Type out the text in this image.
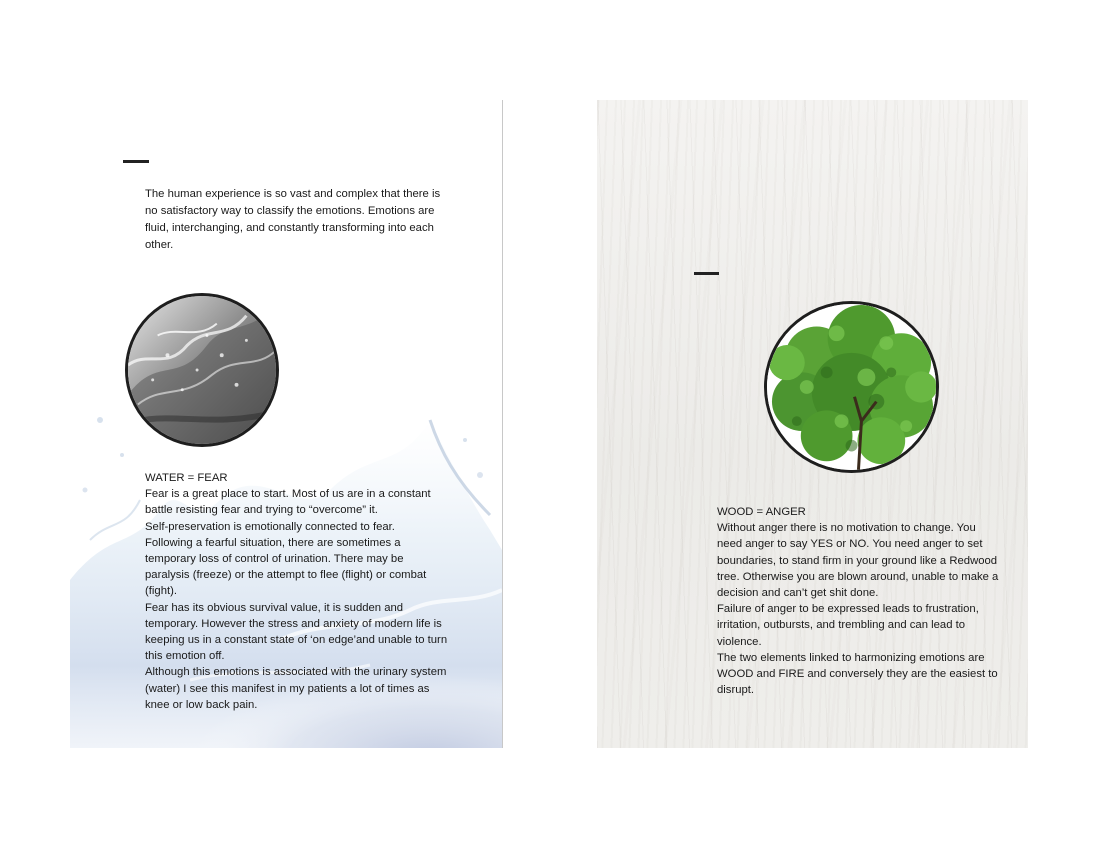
The human experience is so vast and complex that there is no satisfactory way to classify the emotions. Emotions are fluid, interchanging, and constantly transforming into each other.

WATER = FEAR

Fear is a great place to start. Most of us are in a constant battle resisting fear and trying to “overcome” it.

Self-preservation is emotionally connected to fear.

Following a fearful situation, there are sometimes a temporary loss of control of urination. There may be paralysis (freeze) or the attempt to flee (flight) or combat (fight).

Fear has its obvious survival value, it is sudden and temporary. However the stress and anxiety of modern life is keeping us in a constant state of ‘on edge’and unable to turn this emotion off.

Although this emotions is associated with the urinary system (water) I see this manifest in my patients a lot of times as knee or low back pain.

WOOD = ANGER

Without anger there is no motivation to change. You need anger to say YES or NO. You need anger to set boundaries, to stand firm in your ground like a Redwood tree. Otherwise you are blown around, unable to make a decision and can’t get shit done.

Failure of anger to be expressed leads to frustration, irritation, outbursts, and trembling and can lead to violence.

The two elements linked to harmonizing emotions are WOOD and FIRE and conversely they are the easiest to disrupt.
